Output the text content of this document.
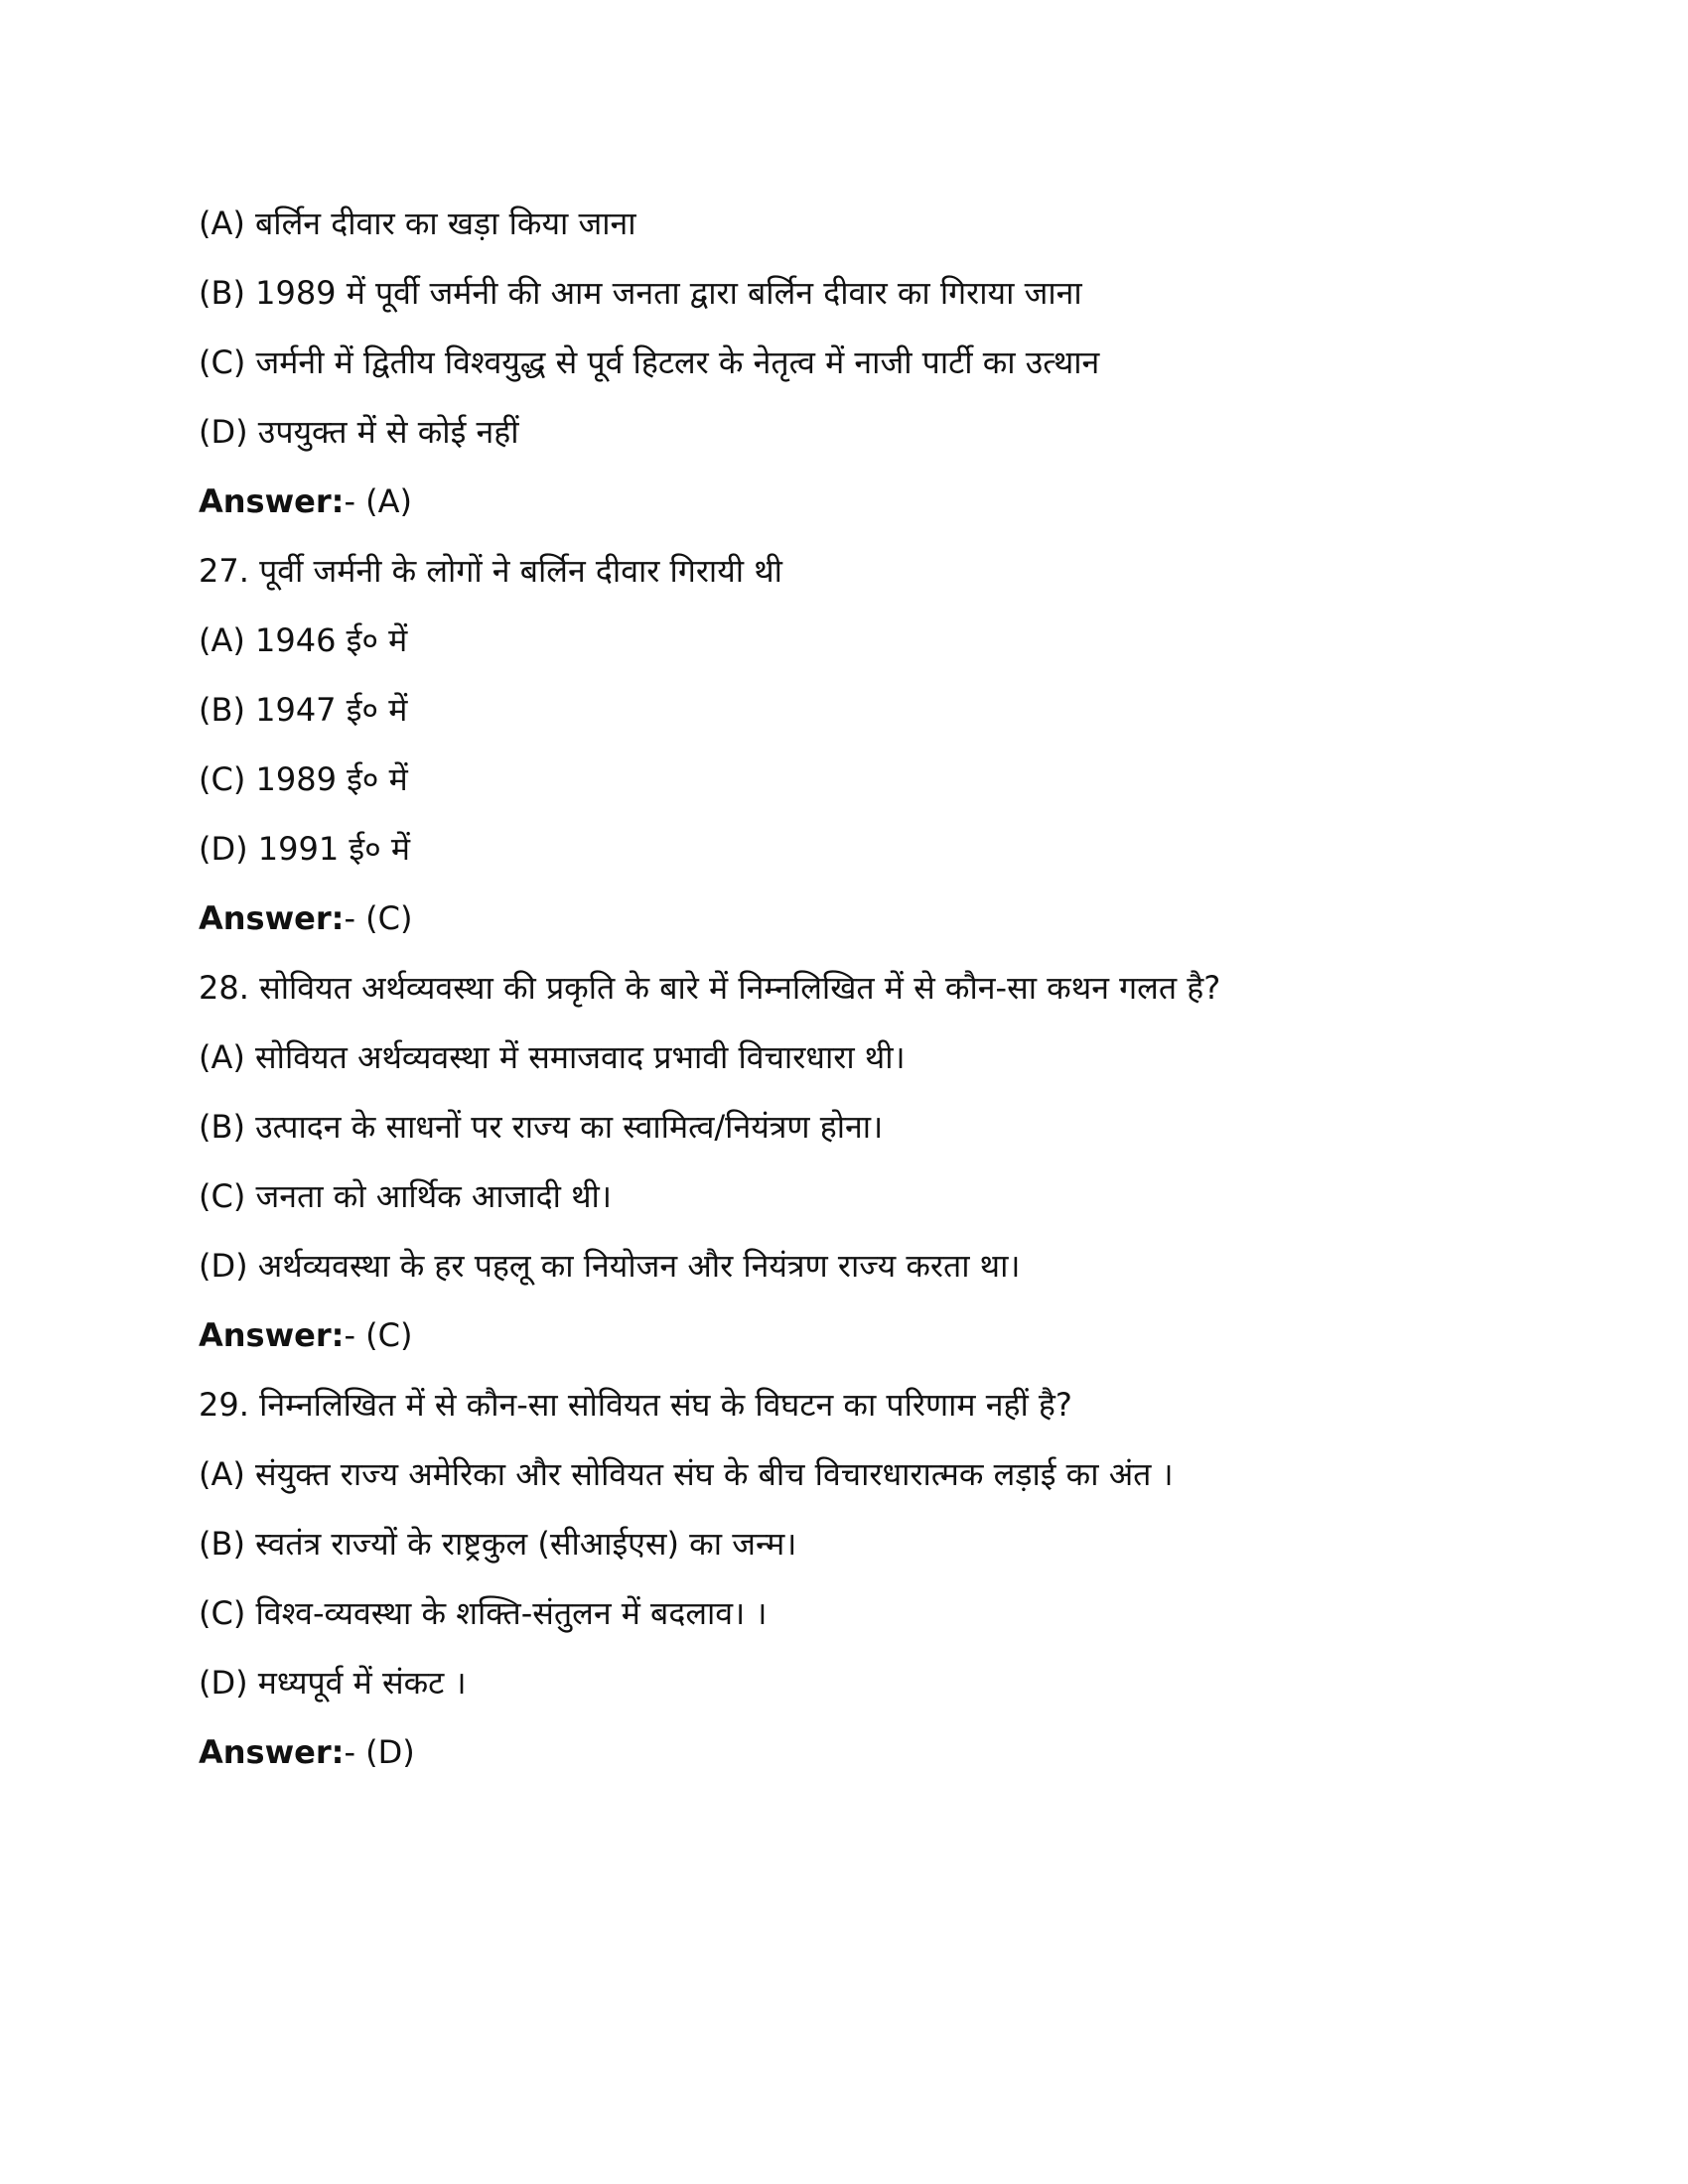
(A) बर्लिन दीवार का खड़ा किया जाना

(B) 1989 में पूर्वी जर्मनी की आम जनता द्वारा बर्लिन दीवार का गिराया जाना

(C) जर्मनी में द्वितीय विश्वयुद्ध से पूर्व हिटलर के नेतृत्व में नाजी पार्टी का उत्थान

(D) उपयुक्त में से कोई नहीं

Answer:- (A)

27. पूर्वी जर्मनी के लोगों ने बर्लिन दीवार गिरायी थी

(A) 1946 ई० में

(B) 1947 ई० में

(C) 1989 ई० में

(D) 1991 ई० में

Answer:- (C)

28. सोवियत अर्थव्यवस्था की प्रकृति के बारे में निम्नलिखित में से कौन-सा कथन गलत है?

(A) सोवियत अर्थव्यवस्था में समाजवाद प्रभावी विचारधारा थी।

(B) उत्पादन के साधनों पर राज्य का स्वामित्व/नियंत्रण होना।

(C) जनता को आर्थिक आजादी थी।

(D) अर्थव्यवस्था के हर पहलू का नियोजन और नियंत्रण राज्य करता था।

Answer:- (C)

29. निम्नलिखित में से कौन-सा सोवियत संघ के विघटन का परिणाम नहीं है?

(A) संयुक्त राज्य अमेरिका और सोवियत संघ के बीच विचारधारात्मक लड़ाई का अंत ।

(B) स्वतंत्र राज्यों के राष्ट्रकुल (सीआईएस) का जन्म।

(C) विश्व-व्यवस्था के शक्ति-संतुलन में बदलाव। ।

(D) मध्यपूर्व में संकट ।

Answer:- (D)
